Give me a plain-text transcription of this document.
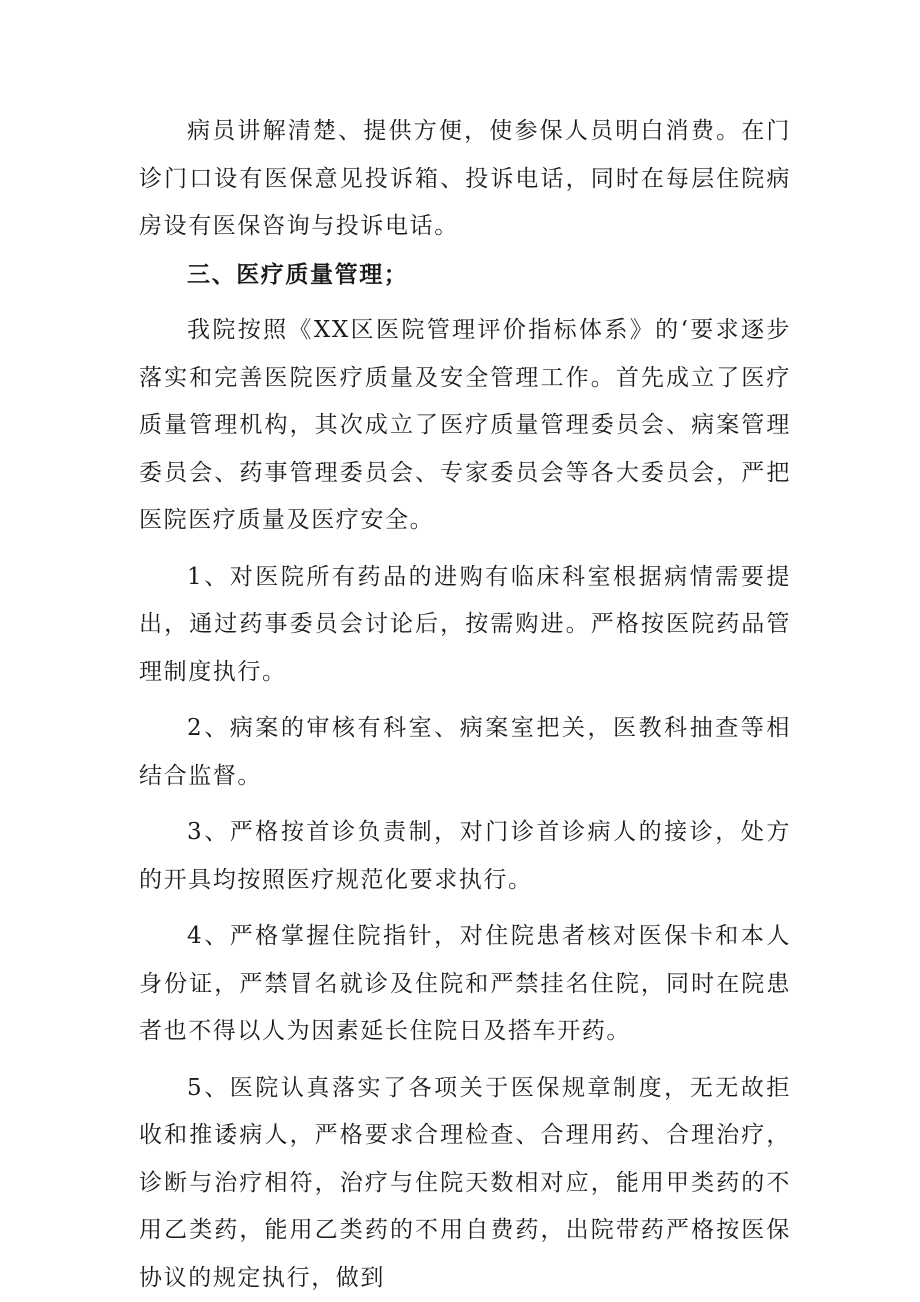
病员讲解清楚、提供方便，使参保人员明白消费。在门诊门口设有医保意见投诉箱、投诉电话，同时在每层住院病房设有医保咨询与投诉电话。

三、医疗质量管理；

我院按照《XX区医院管理评价指标体系》的‘要求逐步落实和完善医院医疗质量及安全管理工作。首先成立了医疗质量管理机构，其次成立了医疗质量管理委员会、病案管理委员会、药事管理委员会、专家委员会等各大委员会，严把医院医疗质量及医疗安全。

1、对医院所有药品的进购有临床科室根据病情需要提出，通过药事委员会讨论后，按需购进。严格按医院药品管理制度执行。

2、病案的审核有科室、病案室把关，医教科抽查等相结合监督。

3、严格按首诊负责制，对门诊首诊病人的接诊，处方的开具均按照医疗规范化要求执行。

4、严格掌握住院指针，对住院患者核对医保卡和本人身份证，严禁冒名就诊及住院和严禁挂名住院，同时在院患者也不得以人为因素延长住院日及搭车开药。

5、医院认真落实了各项关于医保规章制度，无无故拒收和推诿病人，严格要求合理检查、合理用药、合理治疗，诊断与治疗相符，治疗与住院天数相对应，能用甲类药的不用乙类药，能用乙类药的不用自费药，出院带药严格按医保协议的规定执行，做到
